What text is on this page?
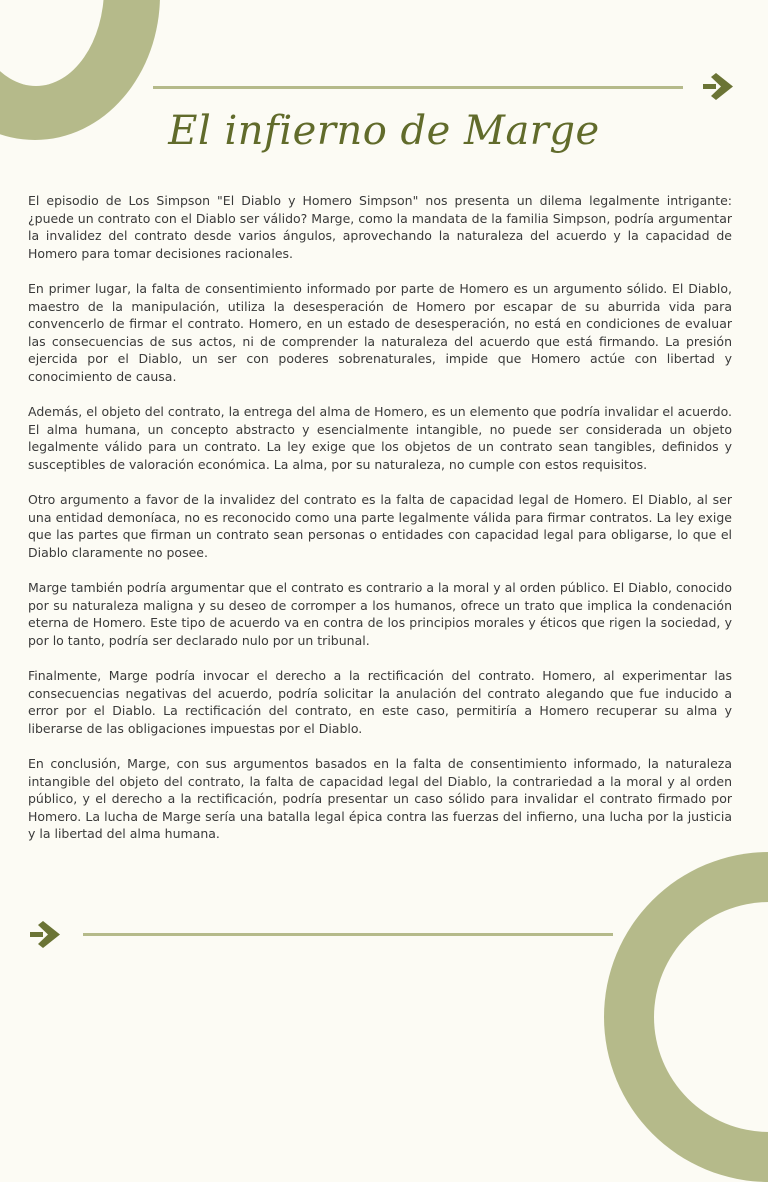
El infierno de Marge

El episodio de Los Simpson "El Diablo y Homero Simpson" nos presenta un dilema legalmente intrigante: ¿puede un contrato con el Diablo ser válido? Marge, como la mandata de la familia Simpson, podría argumentar la invalidez del contrato desde varios ángulos, aprovechando la naturaleza del acuerdo y la capacidad de Homero para tomar decisiones racionales.

En primer lugar, la falta de consentimiento informado por parte de Homero es un argumento sólido. El Diablo, maestro de la manipulación, utiliza la desesperación de Homero por escapar de su aburrida vida para convencerlo de firmar el contrato. Homero, en un estado de desesperación, no está en condiciones de evaluar las consecuencias de sus actos, ni de comprender la naturaleza del acuerdo que está firmando. La presión ejercida por el Diablo, un ser con poderes sobrenaturales, impide que Homero actúe con libertad y conocimiento de causa.

Además, el objeto del contrato, la entrega del alma de Homero, es un elemento que podría invalidar el acuerdo. El alma humana, un concepto abstracto y esencialmente intangible, no puede ser considerada un objeto legalmente válido para un contrato. La ley exige que los objetos de un contrato sean tangibles, definidos y susceptibles de valoración económica. La alma, por su naturaleza, no cumple con estos requisitos.

Otro argumento a favor de la invalidez del contrato es la falta de capacidad legal de Homero. El Diablo, al ser una entidad demoníaca, no es reconocido como una parte legalmente válida para firmar contratos. La ley exige que las partes que firman un contrato sean personas o entidades con capacidad legal para obligarse, lo que el Diablo claramente no posee.

Marge también podría argumentar que el contrato es contrario a la moral y al orden público. El Diablo, conocido por su naturaleza maligna y su deseo de corromper a los humanos, ofrece un trato que implica la condenación eterna de Homero. Este tipo de acuerdo va en contra de los principios morales y éticos que rigen la sociedad, y por lo tanto, podría ser declarado nulo por un tribunal.

Finalmente, Marge podría invocar el derecho a la rectificación del contrato. Homero, al experimentar las consecuencias negativas del acuerdo, podría solicitar la anulación del contrato alegando que fue inducido a error por el Diablo. La rectificación del contrato, en este caso, permitiría a Homero recuperar su alma y liberarse de las obligaciones impuestas por el Diablo.

En conclusión, Marge, con sus argumentos basados en la falta de consentimiento informado, la naturaleza intangible del objeto del contrato, la falta de capacidad legal del Diablo, la contrariedad a la moral y al orden público, y el derecho a la rectificación, podría presentar un caso sólido para invalidar el contrato firmado por Homero. La lucha de Marge sería una batalla legal épica contra las fuerzas del infierno, una lucha por la justicia y la libertad del alma humana.
